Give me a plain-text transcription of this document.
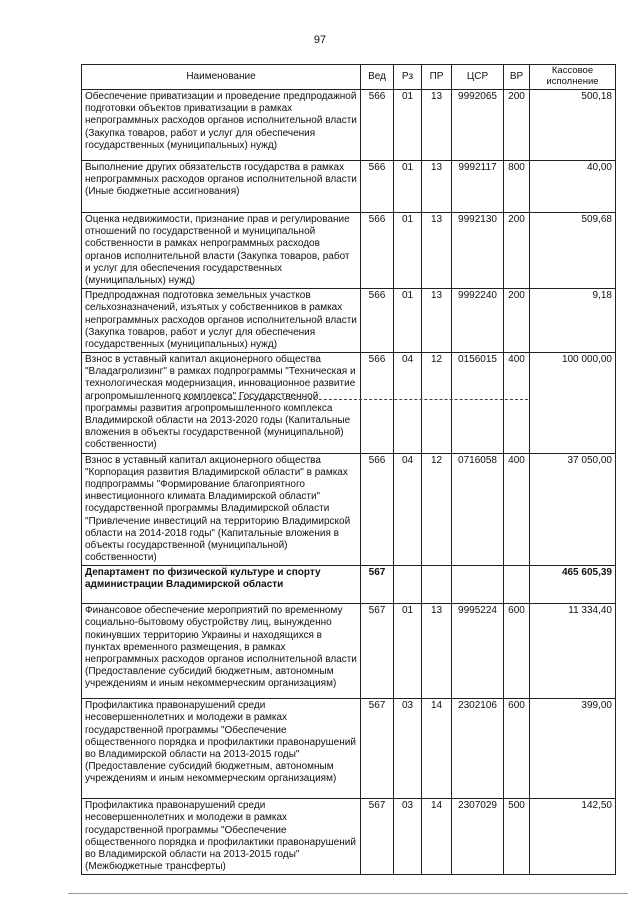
97
Наименование	Вед	Рз	ПР	ЦСР	ВР	Кассовое исполнение
Обеспечение приватизации и проведение предпродажной подготовки объектов приватизации в рамках непрограммных расходов органов исполнительной власти (Закупка товаров, работ и услуг для обеспечения государственных (муниципальных) нужд)	566	01	13	9992065	200	500,18
Выполнение других обязательств государства в рамках непрограммных расходов органов исполнительной власти (Иные бюджетные ассигнования)	566	01	13	9992117	800	40,00
Оценка недвижимости, признание прав и регулирование отношений по государственной и муниципальной собственности в рамках непрограммных расходов органов исполнительной власти (Закупка товаров, работ и услуг для обеспечения государственных (муниципальных) нужд)	566	01	13	9992130	200	509,68
Предпродажная подготовка земельных участков сельхозназначений, изъятых у собственников в рамках непрограммных расходов органов исполнительной власти (Закупка товаров, работ и услуг для обеспечения государственных (муниципальных) нужд)	566	01	13	9992240	200	9,18
Взнос в уставный капитал акционерного общества "Владагролизинг" в рамках подпрограммы "Техническая и технологическая модернизация, инновационное развитие агропромышленного комплекса" Государственной программы развития агропромышленного комплекса Владимирской области на 2013-2020 годы (Капитальные вложения в объекты государственной (муниципальной) собственности)	566	04	12	0156015	400	100 000,00
Взнос в уставный капитал акционерного общества "Корпорация развития Владимирской области" в рамках подпрограммы "Формирование благоприятного инвестиционного климата Владимирской области" государственной программы Владимирской области "Привлечение инвестиций на территорию Владимирской области на 2014-2018 годы" (Капитальные вложения в объекты государственной (муниципальной) собственности)	566	04	12	0716058	400	37 050,00
Департамент по физической культуре и спорту администрации Владимирской области	567					465 605,39
Финансовое обеспечение мероприятий по временному социально-бытовому обустройству лиц, вынужденно покинувших территорию Украины и находящихся в пунктах временного размещения, в рамках непрограммных расходов органов исполнительной власти (Предоставление субсидий бюджетным, автономным учреждениям и иным некоммерческим организациям)	567	01	13	9995224	600	11 334,40
Профилактика правонарушений среди несовершеннолетних и молодежи в рамках государственной программы "Обеспечение общественного порядка и профилактики правонарушений во Владимирской области на 2013-2015 годы" (Предоставление субсидий бюджетным, автономным учреждениям и иным некоммерческим организациям)	567	03	14	2302106	600	399,00
Профилактика правонарушений среди несовершеннолетних и молодежи в рамках государственной программы "Обеспечение общественного порядка и профилактики правонарушений во Владимирской области на 2013-2015 годы" (Межбюджетные трансферты)	567	03	14	2307029	500	142,50
